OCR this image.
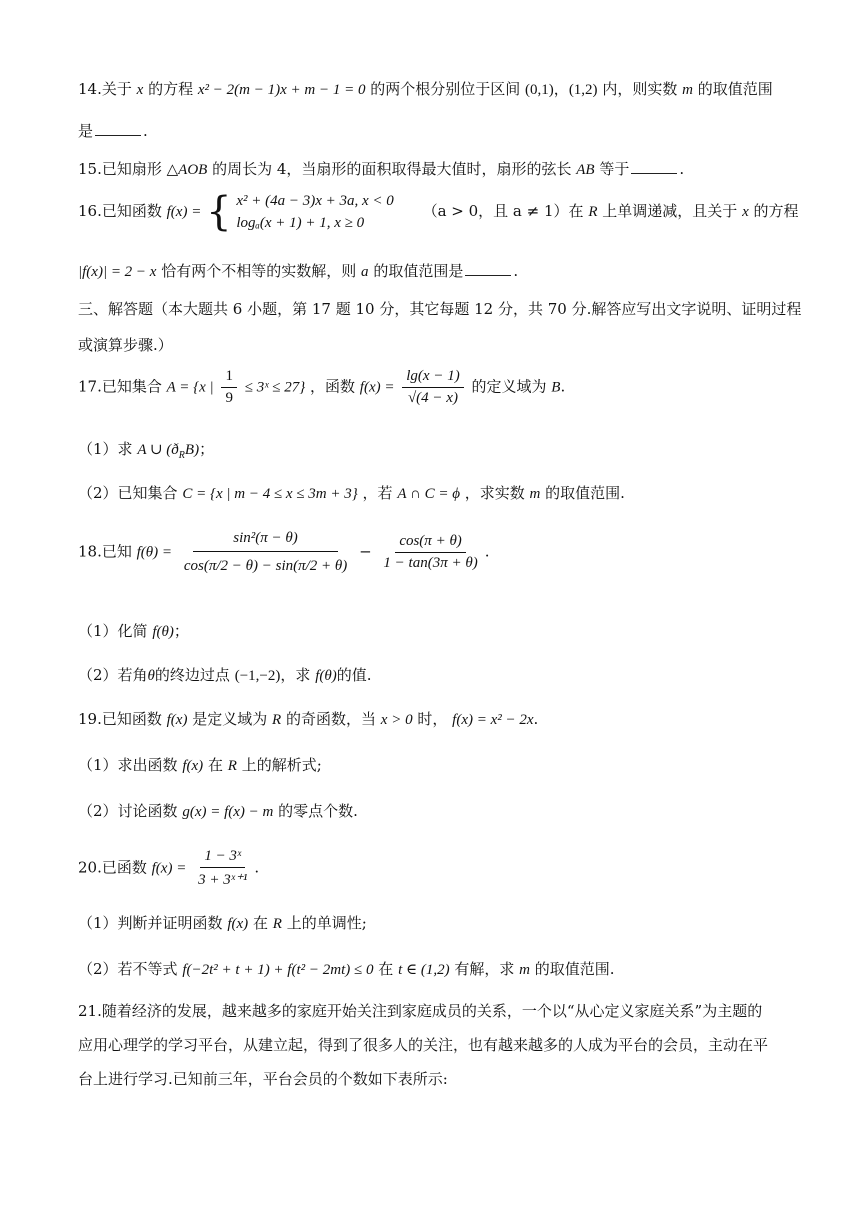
14.关于 x 的方程 x² − 2(m − 1)x + m − 1 = 0 的两个根分别位于区间 (0,1)，(1,2) 内，则实数 m 的取值范围
是	.
15.已知扇形 △AOB 的周长为 4，当扇形的面积取得最大值时，扇形的弦长 AB 等于	.
16.已知函数 f(x) = { x² + (4a − 3)x + 3a, x < 0
logₐ(x + 1) + 1, x ≥ 0
（a > 0，且 a ≠ 1）在 R 上单调递减，且关于 x 的方程
|f(x)| = 2 − x 恰有两个不相等的实数解，则 a 的取值范围是	.
三、解答题（本大题共 6 小题，第 17 题 10 分，其它每题 12 分，共 70 分.解答应写出文字说明、证明过程
或演算步骤.）
17.已知集合 A = {x | $\frac{1}{9}$ ≤ 3ˣ ≤ 27} ，函数 $f(x) = \frac{\lg(x - 1)}{√(4 - x)}$ 的定义域为 B.
（1）求 A ∪ $(ð_RB)$；
（2）已知集合 C = {x | m − 4 ≤ x ≤ 3m + 3} ，若 A ∩ C = ϕ ，求实数 m 的取值范围.
18.已知 $f(\theta) = \frac{\text{sin²(π − θ)}}{\cos(\pi/2 - \theta) - \sin(\pi/2 + \theta)} - \frac{\cos(\pi + \theta)}{1 - \tan(3\pi + \theta)}$ .
（1）化简 f(θ)；
（2）若角θ的终边过点 (−1,−2)，求 f(θ)的值.
19.已知函数 f(x) 是定义域为 R 的奇函数，当 x > 0 时， f(x) = x² − 2x.
（1）求出函数 f(x) 在 R 上的解析式;
（2）讨论函数 g(x) = f(x) − m 的零点个数.
20.已函数 $f(x) = \frac{\text{1 − 3ˣ}}{\text{3 + 3ˣ⁺¹}}$ .
（1）判断并证明函数 f(x) 在 R 上的单调性;
（2）若不等式 f(−2t² + t + 1) + f(t² − 2mt) ≤ 0 在 t ∈ (1,2) 有解，求 m 的取值范围.
21.随着经济的发展，越来越多的家庭开始关注到家庭成员的关系，一个以“从心定义家庭关系”为主题的
应用心理学的学习平台，从建立起，得到了很多人的关注，也有越来越多的人成为平台的会员，主动在平
台上进行学习.已知前三年，平台会员的个数如下表所示:
